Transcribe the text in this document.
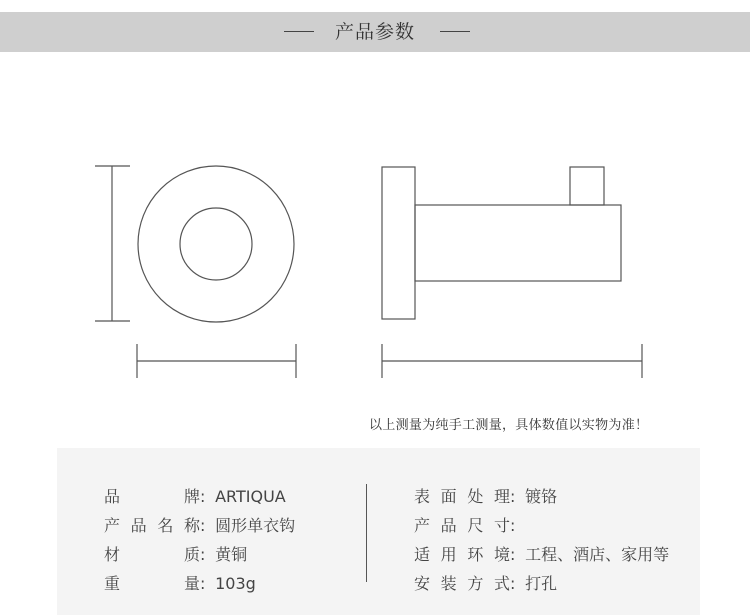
产品参数
以上测量为纯手工测量，具体数值以实物为准！
品　牌: ARTIQUA
产品名称: 圆形单衣钩
材　质: 黄铜
重　量: 103g
表面处理: 镀铬
产品尺寸:
适用环境: 工程、酒店、家用等
安装方式: 打孔
